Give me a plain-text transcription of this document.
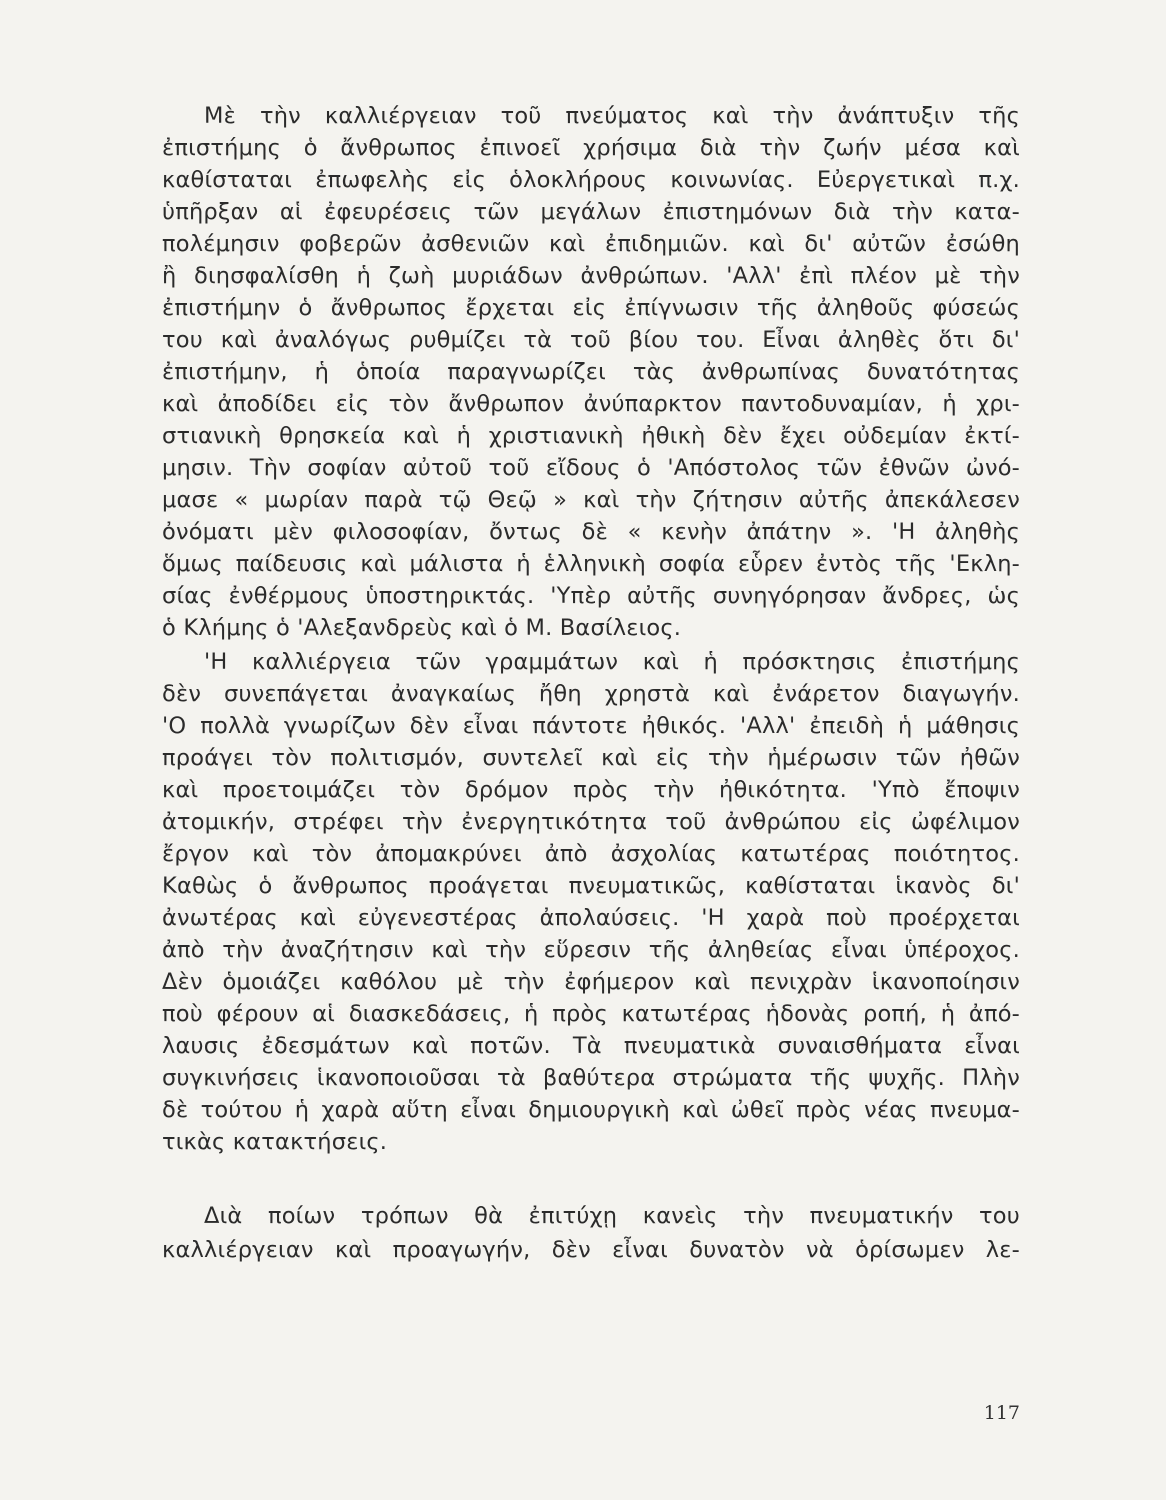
Μὲ τὴν καλλιέργειαν τοῦ πνεύματος καὶ τὴν ἀνάπτυξιν τῆς
ἐπιστήμης ὁ ἄνθρωπος ἐπινοεῖ χρήσιμα διὰ τὴν ζωήν μέσα καὶ
καθίσταται ἐπωφελὴς εἰς ὁλοκλήρους κοινωνίας. Εὐεργετικαὶ π.χ.
ὑπῆρξαν αἱ ἐφευρέσεις τῶν μεγάλων ἐπιστημόνων διὰ τὴν κατα-
πολέμησιν φοβερῶν ἀσθενιῶν καὶ ἐπιδημιῶν. καὶ δι' αὐτῶν ἐσώθη
ἢ διησφαλίσθη ἡ ζωὴ μυριάδων ἀνθρώπων. 'Αλλ' ἐπὶ πλέον μὲ τὴν
ἐπιστήμην ὁ ἄνθρωπος ἔρχεται εἰς ἐπίγνωσιν τῆς ἀληθοῦς φύσεώς
του καὶ ἀναλόγως ρυθμίζει τὰ τοῦ βίου του. Εἶναι ἀληθὲς ὅτι δι'
ἐπιστήμην, ἡ ὁποία παραγνωρίζει τὰς ἀνθρωπίνας δυνατότητας
καὶ ἀποδίδει εἰς τὸν ἄνθρωπον ἀνύπαρκτον παντοδυναμίαν, ἡ χρι-
στιανικὴ θρησκεία καὶ ἡ χριστιανικὴ ἠθικὴ δὲν ἔχει οὐδεμίαν ἐκτί-
μησιν. Τὴν σοφίαν αὐτοῦ τοῦ εἴδους ὁ 'Απόστολος τῶν ἐθνῶν ὠνό-
μασε « μωρίαν παρὰ τῷ Θεῷ » καὶ τὴν ζήτησιν αὐτῆς ἀπεκάλεσεν
ὀνόματι μὲν φιλοσοφίαν, ὄντως δὲ « κενὴν ἀπάτην ». 'Η ἀληθὴς
ὅμως παίδευσις καὶ μάλιστα ἡ ἑλληνικὴ σοφία εὗρεν ἐντὸς τῆς 'Εκλη-
σίας ἐνθέρμους ὑποστηρικτάς. 'Υπὲρ αὐτῆς συνηγόρησαν ἄνδρες, ὡς
ὁ Κλήμης ὁ 'Αλεξανδρεὺς καὶ ὁ Μ. Βασίλειος.
'Η καλλιέργεια τῶν γραμμάτων καὶ ἡ πρόσκτησις ἐπιστήμης
δὲν συνεπάγεται ἀναγκαίως ἤθη χρηστὰ καὶ ἐνάρετον διαγωγήν.
'Ο πολλὰ γνωρίζων δὲν εἶναι πάντοτε ἠθικός. 'Αλλ' ἐπειδὴ ἡ μάθησις
προάγει τὸν πολιτισμόν, συντελεῖ καὶ εἰς τὴν ἡμέρωσιν τῶν ἠθῶν
καὶ προετοιμάζει τὸν δρόμον πρὸς τὴν ἠθικότητα. 'Υπὸ ἔποψιν
ἀτομικήν, στρέφει τὴν ἐνεργητικότητα τοῦ ἀνθρώπου εἰς ὠφέλιμον
ἔργον καὶ τὸν ἀπομακρύνει ἀπὸ ἀσχολίας κατωτέρας ποιότητος.
Καθὼς ὁ ἄνθρωπος προάγεται πνευματικῶς, καθίσταται ἱκανὸς δι'
ἀνωτέρας καὶ εὐγενεστέρας ἀπολαύσεις. 'Η χαρὰ ποὺ προέρχεται
ἀπὸ τὴν ἀναζήτησιν καὶ τὴν εὕρεσιν τῆς ἀληθείας εἶναι ὑπέροχος.
Δὲν ὁμοιάζει καθόλου μὲ τὴν ἐφήμερον καὶ πενιχρὰν ἱκανοποίησιν
ποὺ φέρουν αἱ διασκεδάσεις, ἡ πρὸς κατωτέρας ἡδονὰς ροπή, ἡ ἀπό-
λαυσις ἐδεσμάτων καὶ ποτῶν. Τὰ πνευματικὰ συναισθήματα εἶναι
συγκινήσεις ἱκανοποιοῦσαι τὰ βαθύτερα στρώματα τῆς ψυχῆς. Πλὴν
δὲ τούτου ἡ χαρὰ αὕτη εἶναι δημιουργικὴ καὶ ὠθεῖ πρὸς νέας πνευμα-
τικὰς κατακτήσεις.
Διὰ ποίων τρόπων θὰ ἐπιτύχῃ κανεὶς τὴν πνευματικήν του
καλλιέργειαν καὶ προαγωγήν, δὲν εἶναι δυνατὸν νὰ ὁρίσωμεν λε-
117
